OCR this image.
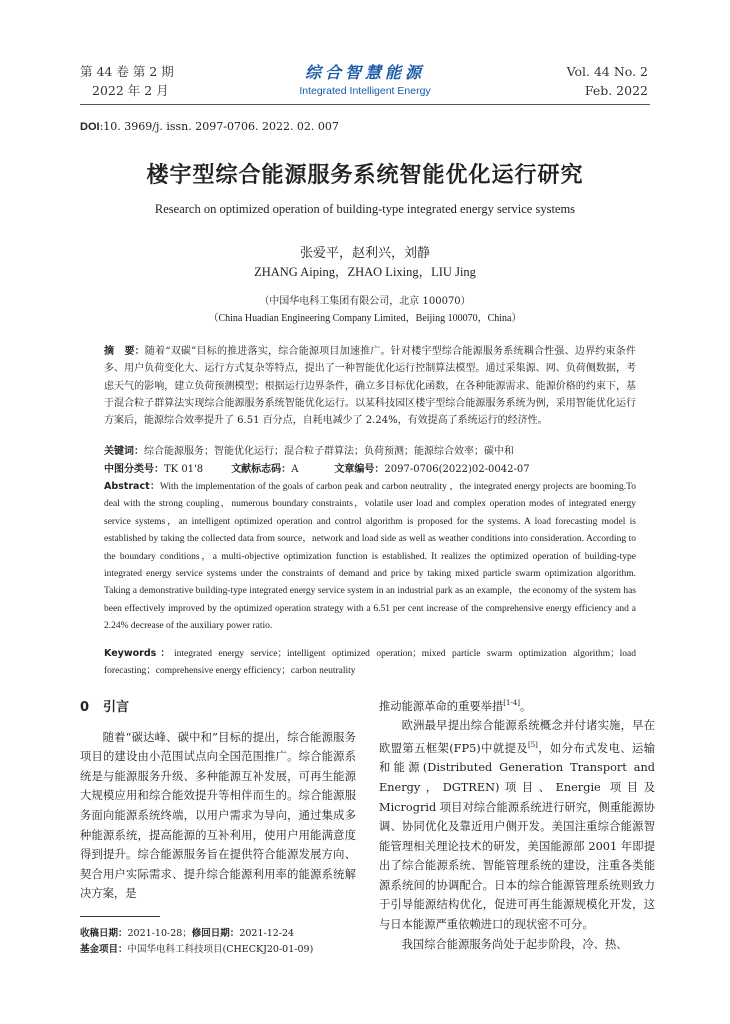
第 44 卷 第 2 期
2022 年 2 月
综合智慧能源
Integrated Intelligent Energy
Vol. 44 No. 2
Feb. 2022
DOI:10. 3969/j. issn. 2097-0706. 2022. 02. 007
楼宇型综合能源服务系统智能优化运行研究
Research on optimized operation of building-type integrated energy service systems
张爱平，赵利兴，刘静
ZHANG Aiping，ZHAO Lixing，LIU Jing
（中国华电科工集团有限公司，北京 100070）
（China Huadian Engineering Company Limited，Beijing 100070，China）
摘　要：随着“双碳”目标的推进落实，综合能源项目加速推广。针对楼宇型综合能源服务系统耦合性强、边界约束条件多、用户负荷变化大、运行方式复杂等特点，提出了一种智能优化运行控制算法模型。通过采集源、网、负荷侧数据，考虑天气的影响，建立负荷预测模型；根据运行边界条件，确立多目标优化函数，在各种能源需求、能源价格的约束下，基于混合粒子群算法实现综合能源服务系统智能优化运行。以某科技园区楼宇型综合能源服务系统为例，采用智能优化运行方案后，能源综合效率提升了 6.51 百分点，自耗电减少了 2.24%，有效提高了系统运行的经济性。
关键词：综合能源服务；智能优化运行；混合粒子群算法；负荷预测；能源综合效率；碳中和
中图分类号：TK 01'8	文献标志码：A	文章编号：2097-0706(2022)02-0042-07
Abstract：With the implementation of the goals of carbon peak and carbon neutrality ，the integrated energy projects are booming.To deal with the strong coupling，numerous boundary constraints，volatile user load and complex operation modes of integrated energy service systems，an intelligent optimized operation and control algorithm is proposed for the systems. A load forecasting model is established by taking the collected data from source，network and load side as well as weather conditions into consideration. According to the boundary conditions，a multi-objective optimization function is established. It realizes the optimized operation of building-type integrated energy service systems under the constraints of demand and price by taking mixed particle swarm optimization algorithm. Taking a demonstrative building-type integrated energy service system in an industrial park as an example，the economy of the system has been effectively improved by the optimized operation strategy with a 6.51 per cent increase of the comprehensive energy efficiency and a 2.24% decrease of the auxiliary power ratio.
Keywords：integrated energy service；intelligent optimized operation；mixed particle swarm optimization algorithm；load forecasting；comprehensive energy efficiency；carbon neutrality
0 引言

随着“碳达峰、碳中和”目标的提出，综合能源服务项目的建设由小范围试点向全国范围推广。综合能源系统是与能源服务升级、多种能源互补发展，可再生能源大规模应用和综合能效提升等相伴而生的。综合能源服务面向能源系统终端，以用户需求为导向，通过集成多种能源系统，提高能源的互补利用，使用户用能满意度得到提升。综合能源服务旨在提供符合能源发展方向、契合用户实际需求、提升综合能源利用率的能源系统解决方案，是

推动能源革命的重要举措[1-4]。

欧洲最早提出综合能源系统概念并付诸实施，早在欧盟第五框架(FP5)中就提及[5]，如分布式发电、运输和能源(Distributed Generation Transport and Energy，DGTREN)项目、Energie 项目及 Microgrid 项目对综合能源系统进行研究，侧重能源协调、协同优化及靠近用户侧开发。美国注重综合能源智能管理相关理论技术的研发，美国能源部 2001 年即提出了综合能源系统、智能管理系统的建设，注重各类能源系统间的协调配合。日本的综合能源管理系统则致力于引导能源结构优化，促进可再生能源规模化开发，这与日本能源严重依赖进口的现状密不可分。

我国综合能源服务尚处于起步阶段，冷、热、

收稿日期：2021-10-28；修回日期：2021-12-24
基金项目：中国华电科工科技项目(CHECKJ20-01-09)
